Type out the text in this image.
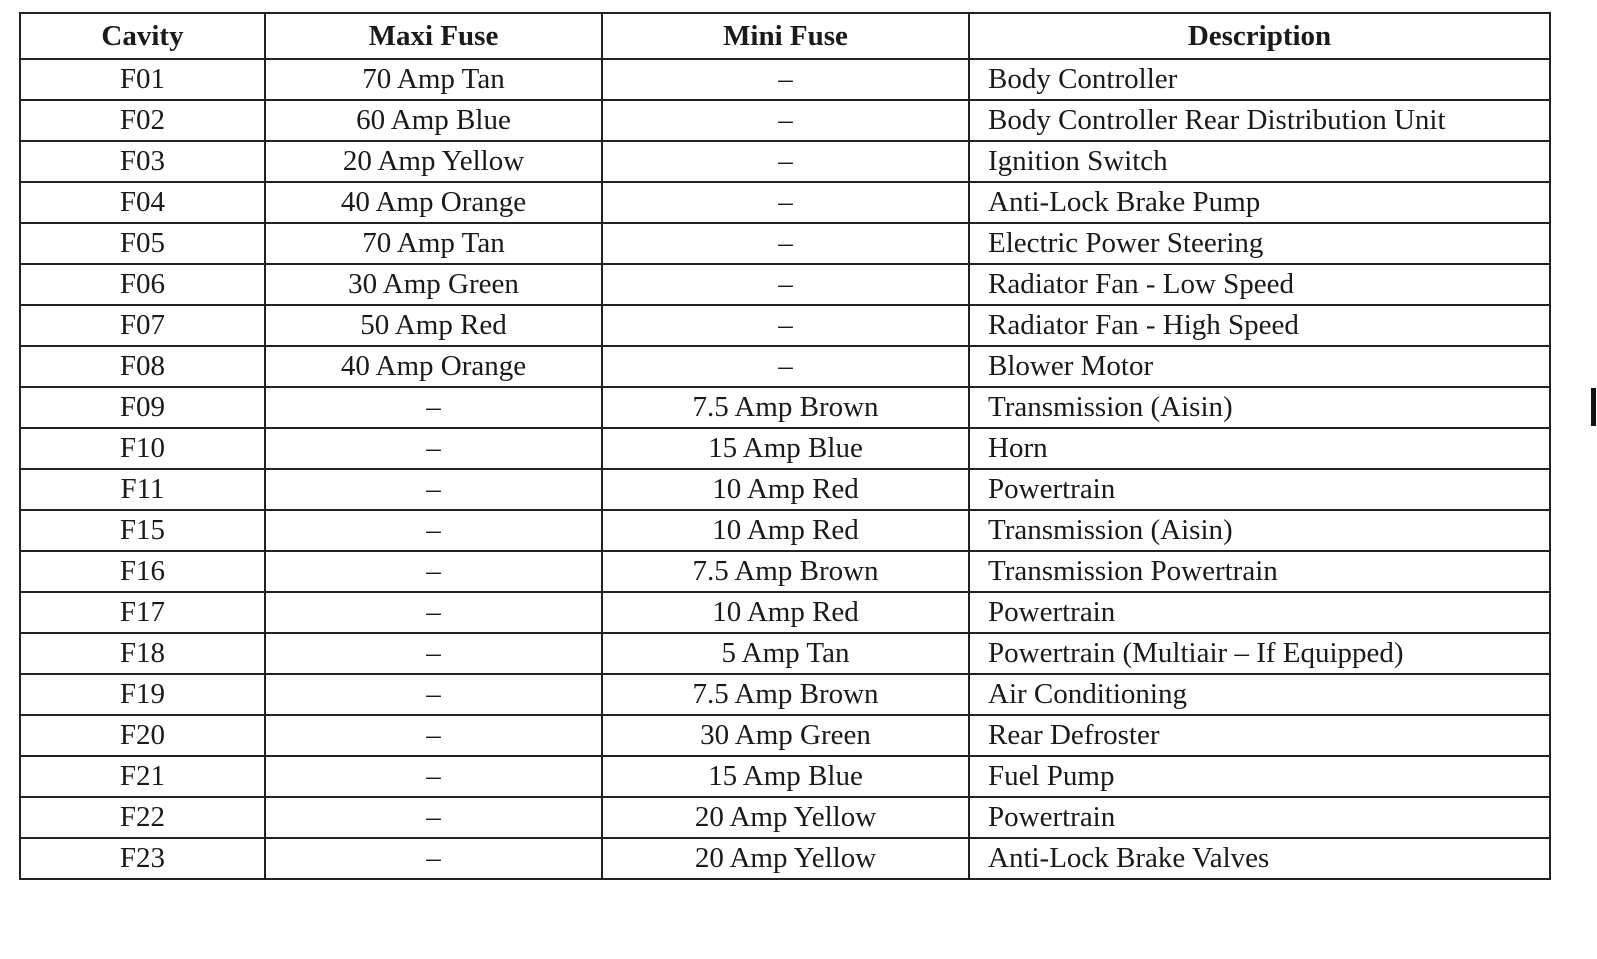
Cavity	Maxi Fuse	Mini Fuse	Description
F01	70 Amp Tan	–	Body Controller
F02	60 Amp Blue	–	Body Controller Rear Distribution Unit
F03	20 Amp Yellow	–	Ignition Switch
F04	40 Amp Orange	–	Anti-Lock Brake Pump
F05	70 Amp Tan	–	Electric Power Steering
F06	30 Amp Green	–	Radiator Fan - Low Speed
F07	50 Amp Red	–	Radiator Fan - High Speed
F08	40 Amp Orange	–	Blower Motor
F09	–	7.5 Amp Brown	Transmission (Aisin)
F10	–	15 Amp Blue	Horn
F11	–	10 Amp Red	Powertrain
F15	–	10 Amp Red	Transmission (Aisin)
F16	–	7.5 Amp Brown	Transmission Powertrain
F17	–	10 Amp Red	Powertrain
F18	–	5 Amp Tan	Powertrain (Multiair – If Equipped)
F19	–	7.5 Amp Brown	Air Conditioning
F20	–	30 Amp Green	Rear Defroster
F21	–	15 Amp Blue	Fuel Pump
F22	–	20 Amp Yellow	Powertrain
F23	–	20 Amp Yellow	Anti-Lock Brake Valves
